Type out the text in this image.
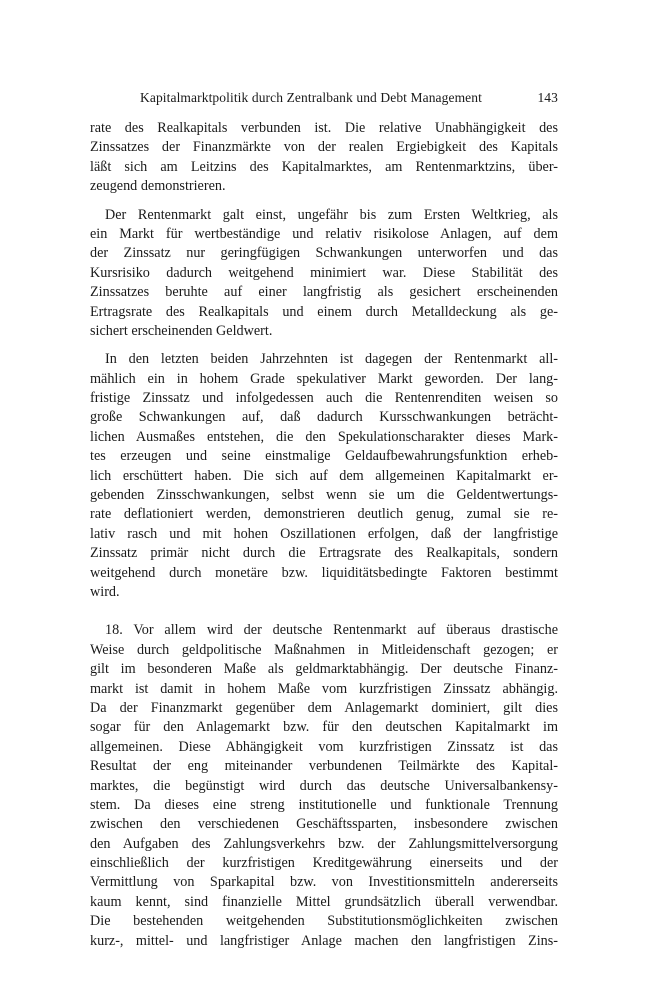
Kapitalmarktpolitik durch Zentralbank und Debt Management	143

rate des Realkapitals verbunden ist. Die relative Unabhängigkeit des
Zinssatzes der Finanzmärkte von der realen Ergiebigkeit des Kapitals
läßt sich am Leitzins des Kapitalmarktes, am Rentenmarktzins, über-
zeugend demonstrieren.

Der Rentenmarkt galt einst, ungefähr bis zum Ersten Weltkrieg, als
ein Markt für wertbeständige und relativ risikolose Anlagen, auf dem
der Zinssatz nur geringfügigen Schwankungen unterworfen und das
Kursrisiko dadurch weitgehend minimiert war. Diese Stabilität des
Zinssatzes beruhte auf einer langfristig als gesichert erscheinenden
Ertragsrate des Realkapitals und einem durch Metalldeckung als ge-
sichert erscheinenden Geldwert.

In den letzten beiden Jahrzehnten ist dagegen der Rentenmarkt all-
mählich ein in hohem Grade spekulativer Markt geworden. Der lang-
fristige Zinssatz und infolgedessen auch die Rentenrenditen weisen so
große Schwankungen auf, daß dadurch Kursschwankungen beträcht-
lichen Ausmaßes entstehen, die den Spekulationscharakter dieses Mark-
tes erzeugen und seine einstmalige Geldaufbewahrungsfunktion erheb-
lich erschüttert haben. Die sich auf dem allgemeinen Kapitalmarkt er-
gebenden Zinsschwankungen, selbst wenn sie um die Geldentwertungs-
rate deflationiert werden, demonstrieren deutlich genug, zumal sie re-
lativ rasch und mit hohen Oszillationen erfolgen, daß der langfristige
Zinssatz primär nicht durch die Ertragsrate des Realkapitals, sondern
weitgehend durch monetäre bzw. liquiditätsbedingte Faktoren bestimmt
wird.

18. Vor allem wird der deutsche Rentenmarkt auf überaus drastische
Weise durch geldpolitische Maßnahmen in Mitleidenschaft gezogen; er
gilt im besonderen Maße als geldmarktabhängig. Der deutsche Finanz-
markt ist damit in hohem Maße vom kurzfristigen Zinssatz abhängig.
Da der Finanzmarkt gegenüber dem Anlagemarkt dominiert, gilt dies
sogar für den Anlagemarkt bzw. für den deutschen Kapitalmarkt im
allgemeinen. Diese Abhängigkeit vom kurzfristigen Zinssatz ist das
Resultat der eng miteinander verbundenen Teilmärkte des Kapital-
marktes, die begünstigt wird durch das deutsche Universalbankensy-
stem. Da dieses eine streng institutionelle und funktionale Trennung
zwischen den verschiedenen Geschäftssparten, insbesondere zwischen
den Aufgaben des Zahlungsverkehrs bzw. der Zahlungsmittelversorgung
einschließlich der kurzfristigen Kreditgewährung einerseits und der
Vermittlung von Sparkapital bzw. von Investitionsmitteln andererseits
kaum kennt, sind finanzielle Mittel grundsätzlich überall verwendbar.
Die bestehenden weitgehenden Substitutionsmöglichkeiten zwischen
kurz-, mittel- und langfristiger Anlage machen den langfristigen Zins-
